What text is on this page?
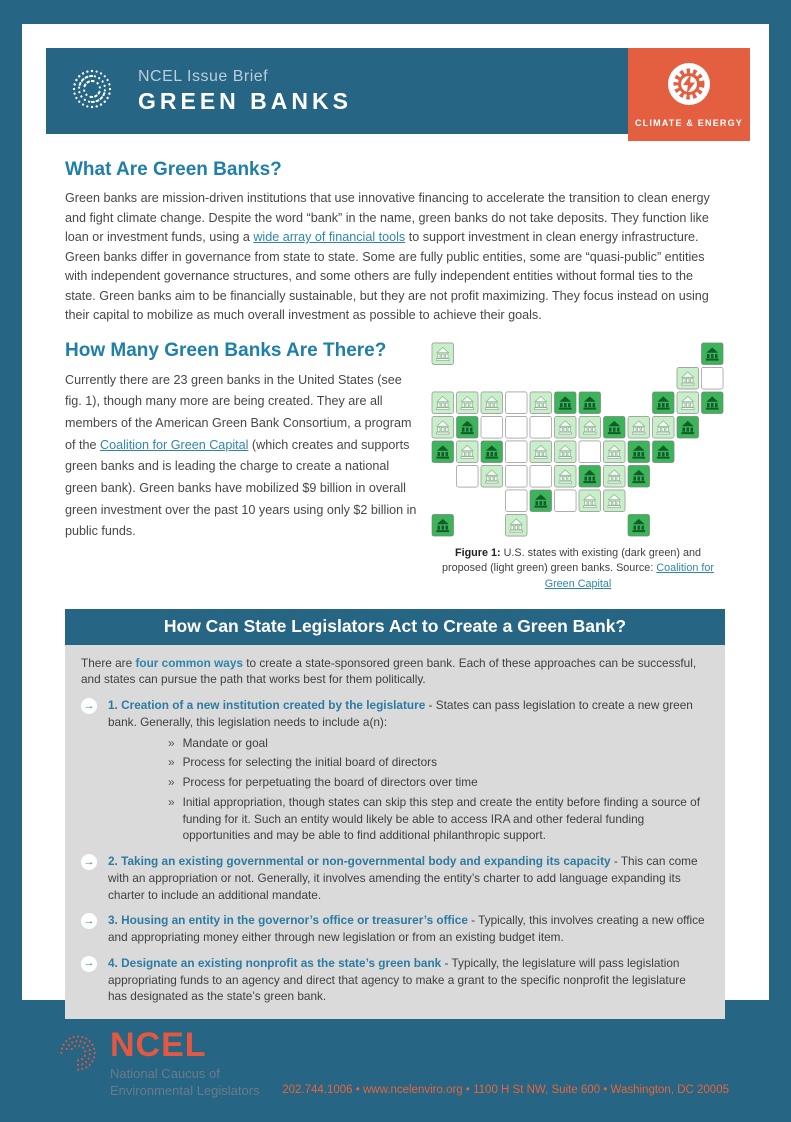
NCEL Issue Brief
GREEN BANKS
CLIMATE & ENERGY
What Are Green Banks?

Green banks are mission-driven institutions that use innovative financing to accelerate the transition to clean energy and fight climate change. Despite the word “bank” in the name, green banks do not take deposits. They function like loan or investment funds, using a wide array of financial tools to support investment in clean energy infrastructure. Green banks differ in governance from state to state. Some are fully public entities, some are “quasi-public” entities with independent governance structures, and some others are fully independent entities without formal ties to the state. Green banks aim to be financially sustainable, but they are not profit maximizing. They focus instead on using their capital to mobilize as much overall investment as possible to achieve their goals.

How Many Green Banks Are There?

Currently there are 23 green banks in the United States (see fig. 1), though many more are being created. They are all members of the American Green Bank Consortium, a program of the Coalition for Green Capital (which creates and supports green banks and is leading the charge to create a national green bank). Green banks have mobilized $9 billion in overall green investment over the past 10 years using only $2 billion in public funds.

Figure 1: U.S. states with existing (dark green) and proposed (light green) green banks. Source: Coalition for Green Capital
How Can State Legislators Act to Create a Green Bank?

There are four common ways to create a state-sponsored green bank. Each of these approaches can be successful, and states can pursue the path that works best for them politically.

→ 1. Creation of a new institution created by the legislature - States can pass legislation to create a new green bank. Generally, this legislation needs to include a(n):

» Mandate or goal
» Process for selecting the initial board of directors
» Process for perpetuating the board of directors over time
» Initial appropriation, though states can skip this step and create the entity before finding a source of funding for it. Such an entity would likely be able to access IRA and other federal funding opportunities and may be able to find additional philanthropic support.
→ 2. Taking an existing governmental or non-governmental body and expanding its capacity - This can come with an appropriation or not. Generally, it involves amending the entity’s charter to add language expanding its charter to include an additional mandate.

→ 3. Housing an entity in the governor’s office or treasurer’s office - Typically, this involves creating a new office and appropriating money either through new legislation or from an existing budget item.

→ 4. Designate an existing nonprofit as the state’s green bank - Typically, the legislature will pass legislation appropriating funds to an agency and direct that agency to make a grant to the specific nonprofit the legislature has designated as the state’s green bank.

NCEL
National Caucus of
Environmental Legislators 202.744.1006 • www.ncelenviro.org • 1100 H St NW, Suite 600 • Washington, DC 20005
